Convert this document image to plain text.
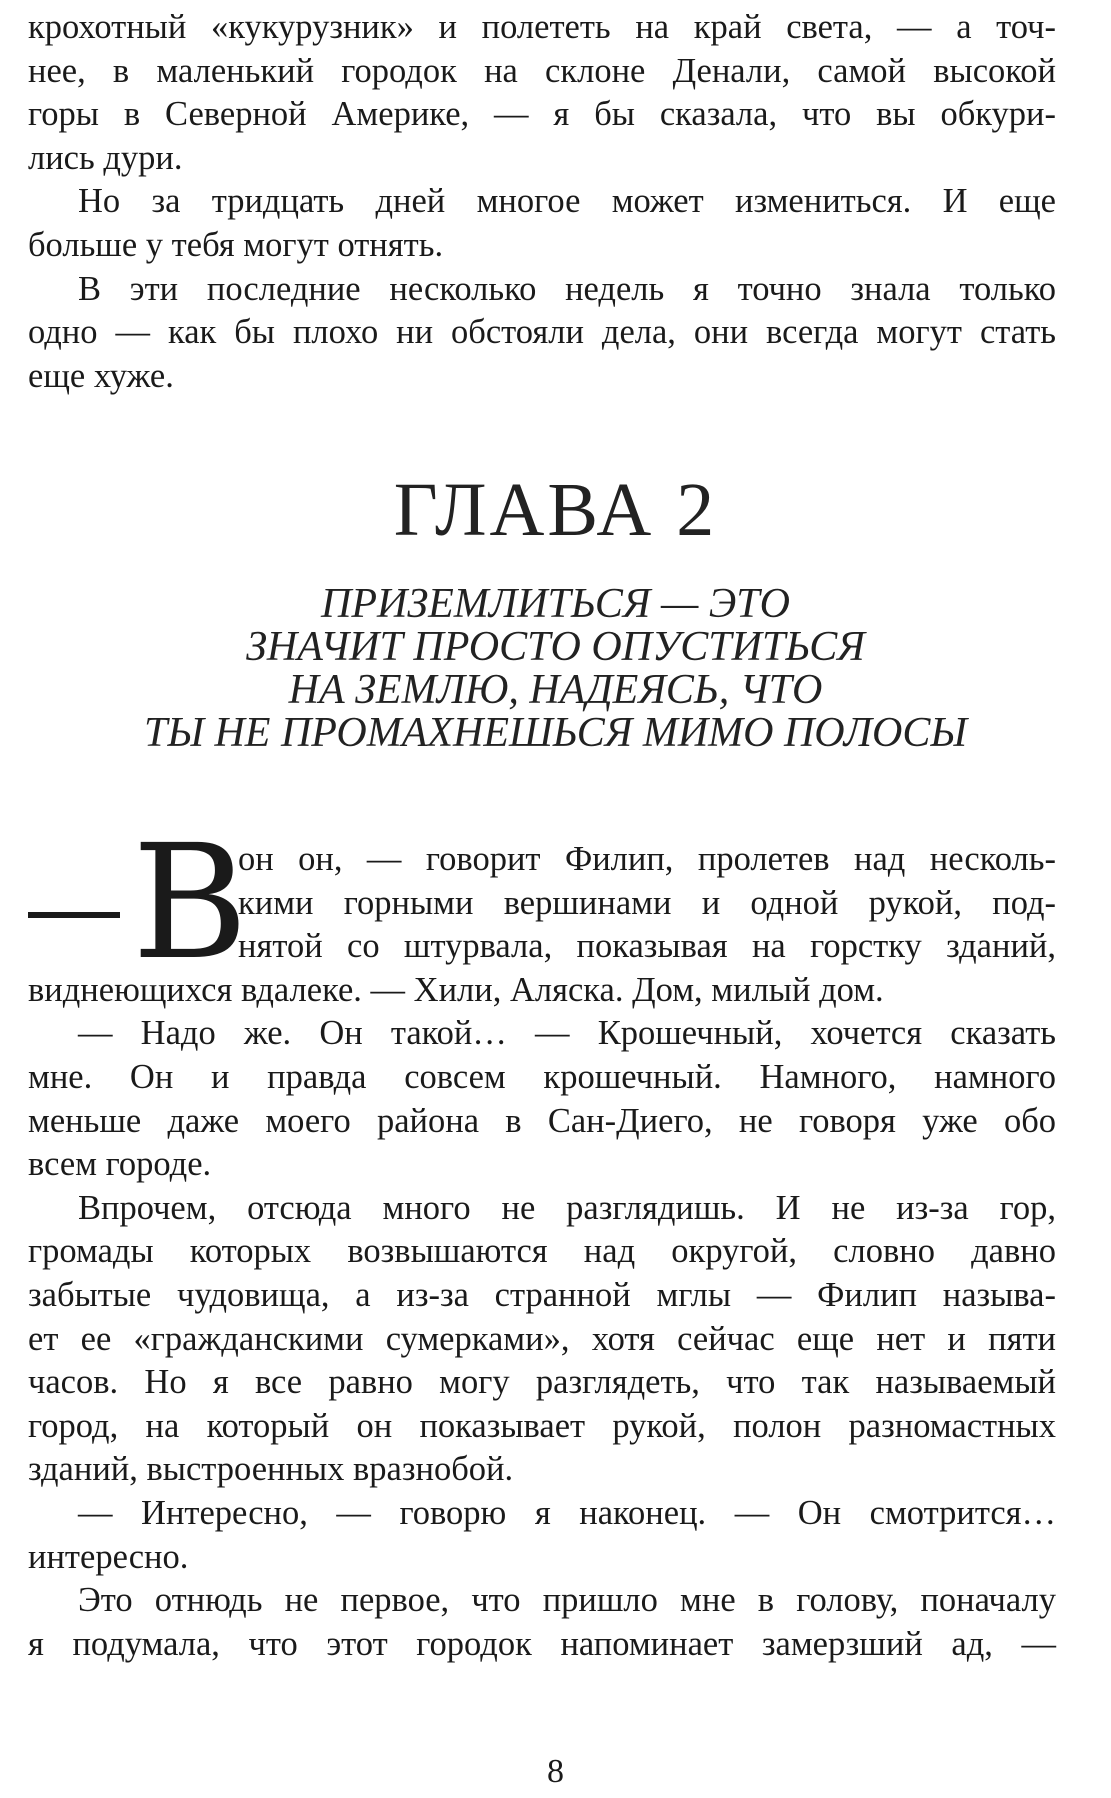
крохотный «кукурузник» и полететь на край света, — а точ-
нее, в маленький городок на склоне Денали, самой высокой
горы в Северной Америке, — я бы сказала, что вы обкури-
лись дури.
Но за тридцать дней многое может измениться. И еще
больше у тебя могут отнять.
В эти последние несколько недель я точно знала только
одно — как бы плохо ни обстояли дела, они всегда могут стать
еще хуже.
ГЛАВА 2
ПРИЗЕМЛИТЬСЯ — ЭТО
ЗНАЧИТ ПРОСТО ОПУСТИТЬСЯ
НА ЗЕМЛЮ, НАДЕЯСЬ, ЧТО
ТЫ НЕ ПРОМАХНЕШЬСЯ МИМО ПОЛОСЫ
В
он он, — говорит Филип, пролетев над несколь-
кими горными вершинами и одной рукой, под-
нятой со штурвала, показывая на горстку зданий,
виднеющихся вдалеке. — Хили, Аляска. Дом, милый дом.
— Надо же. Он такой… — Крошечный, хочется сказать
мне. Он и правда совсем крошечный. Намного, намного
меньше даже моего района в Сан-Диего, не говоря уже обо
всем городе.
Впрочем, отсюда много не разглядишь. И не из-за гор,
громады которых возвышаются над округой, словно давно
забытые чудовища, а из-за странной мглы — Филип называ-
ет ее «гражданскими сумерками», хотя сейчас еще нет и пяти
часов. Но я все равно могу разглядеть, что так называемый
город, на который он показывает рукой, полон разномастных
зданий, выстроенных вразнобой.
— Интересно, — говорю я наконец. — Он смотрится…
интересно.
Это отнюдь не первое, что пришло мне в голову, поначалу
я подумала, что этот городок напоминает замерзший ад, —
8
